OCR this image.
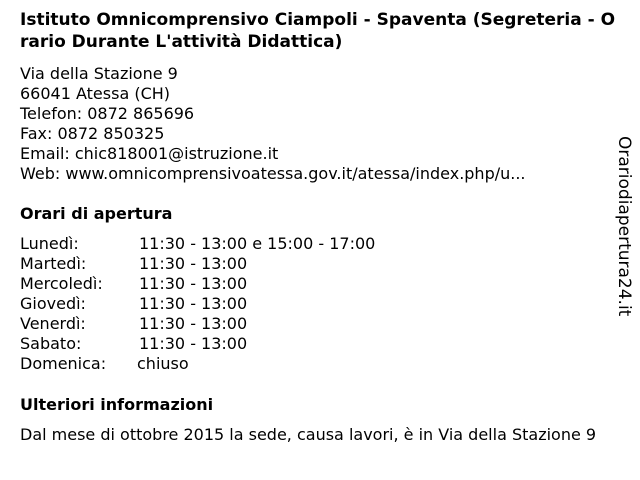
Istituto Omnicomprensivo Ciampoli - Spaventa (Segreteria - Orario Durante L'attività Didattica)
Via della Stazione 9
66041 Atessa (CH)
Telefon: 0872 865696
Fax: 0872 850325
Email: chic818001@istruzione.it
Web: www.omnicomprensivoatessa.gov.it/atessa/index.php/u...
Orari di apertura
Lunedì:	11:30 - 13:00 e 15:00 - 17:00
Martedì:	11:30 - 13:00
Mercoledì:	11:30 - 13:00
Giovedì:	11:30 - 13:00
Venerdì:	11:30 - 13:00
Sabato:	11:30 - 13:00
Domenica:	chiuso
Ulteriori informazioni
Dal mese di ottobre 2015 la sede, causa lavori, è in Via della Stazione 9
Orariodiapertura24.it
